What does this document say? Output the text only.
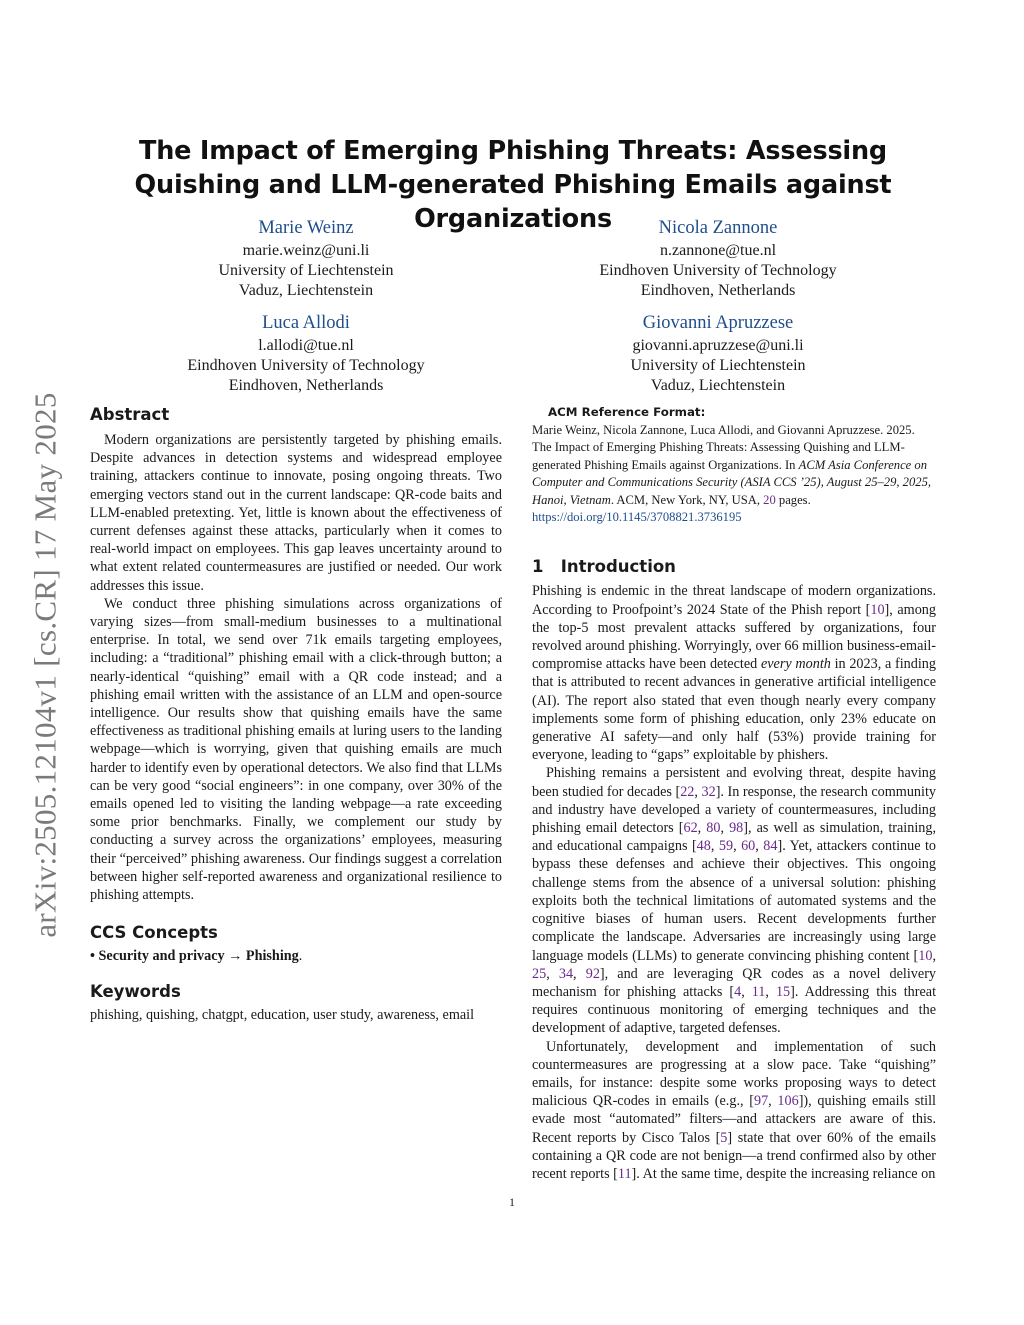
arXiv:2505.12104v1 [cs.CR] 17 May 2025
The Impact of Emerging Phishing Threats: Assessing Quishing and LLM-generated Phishing Emails against Organizations
Marie Weinz
marie.weinz@uni.li
University of Liechtenstein
Vaduz, Liechtenstein
Nicola Zannone
n.zannone@tue.nl
Eindhoven University of Technology
Eindhoven, Netherlands
Luca Allodi
l.allodi@tue.nl
Eindhoven University of Technology
Eindhoven, Netherlands
Giovanni Apruzzese
giovanni.apruzzese@uni.li
University of Liechtenstein
Vaduz, Liechtenstein
Abstract

Modern organizations are persistently targeted by phishing emails. Despite advances in detection systems and widespread employee training, attackers continue to innovate, posing ongoing threats. Two emerging vectors stand out in the current landscape: QR-code baits and LLM-enabled pretexting. Yet, little is known about the effectiveness of current defenses against these attacks, particularly when it comes to real-world impact on employees. This gap leaves uncertainty around to what extent related countermeasures are justified or needed. Our work addresses this issue.

We conduct three phishing simulations across organizations of varying sizes—from small-medium businesses to a multinational enterprise. In total, we send over 71k emails targeting employees, including: a “traditional” phishing email with a click-through button; a nearly-identical “quishing” email with a QR code instead; and a phishing email written with the assistance of an LLM and open-source intelligence. Our results show that quishing emails have the same effectiveness as traditional phishing emails at luring users to the landing webpage—which is worrying, given that quishing emails are much harder to identify even by operational detectors. We also find that LLMs can be very good “social engineers”: in one company, over 30% of the emails opened led to visiting the landing webpage—a rate exceeding some prior benchmarks. Finally, we complement our study by conducting a survey across the organizations’ employees, measuring their “perceived” phishing awareness. Our findings suggest a correlation between higher self-reported awareness and organizational resilience to phishing attempts.

CCS Concepts

• Security and privacy → Phishing.

Keywords

phishing, quishing, chatgpt, education, user study, awareness, email

ACM Reference Format:

Marie Weinz, Nicola Zannone, Luca Allodi, and Giovanni Apruzzese. 2025. The Impact of Emerging Phishing Threats: Assessing Quishing and LLM-generated Phishing Emails against Organizations. In ACM Asia Conference on Computer and Communications Security (ASIA CCS ’25), August 25–29, 2025, Hanoi, Vietnam. ACM, New York, NY, USA, 20 pages. https://doi.org/10.1145/3708821.3736195

1 Introduction

Phishing is endemic in the threat landscape of modern organizations. According to Proofpoint’s 2024 State of the Phish report [10], among the top-5 most prevalent attacks suffered by organizations, four revolved around phishing. Worryingly, over 66 million business-email-compromise attacks have been detected every month in 2023, a finding that is attributed to recent advances in generative artificial intelligence (AI). The report also stated that even though nearly every company implements some form of phishing education, only 23% educate on generative AI safety—and only half (53%) provide training for everyone, leading to “gaps” exploitable by phishers.

Phishing remains a persistent and evolving threat, despite having been studied for decades [22, 32]. In response, the research community and industry have developed a variety of countermeasures, including phishing email detectors [62, 80, 98], as well as simulation, training, and educational campaigns [48, 59, 60, 84]. Yet, attackers continue to bypass these defenses and achieve their objectives. This ongoing challenge stems from the absence of a universal solution: phishing exploits both the technical limitations of automated systems and the cognitive biases of human users. Recent developments further complicate the landscape. Adversaries are increasingly using large language models (LLMs) to generate convincing phishing content [10, 25, 34, 92], and are leveraging QR codes as a novel delivery mechanism for phishing attacks [4, 11, 15]. Addressing this threat requires continuous monitoring of emerging techniques and the development of adaptive, targeted defenses.

Unfortunately, development and implementation of such countermeasures are progressing at a slow pace. Take “quishing” emails, for instance: despite some works proposing ways to detect malicious QR-codes in emails (e.g., [97, 106]), quishing emails still evade most “automated” filters—and attackers are aware of this. Recent reports by Cisco Talos [5] state that over 60% of the emails containing a QR code are not benign—a trend confirmed also by other recent reports [11]. At the same time, despite the increasing reliance on

1
